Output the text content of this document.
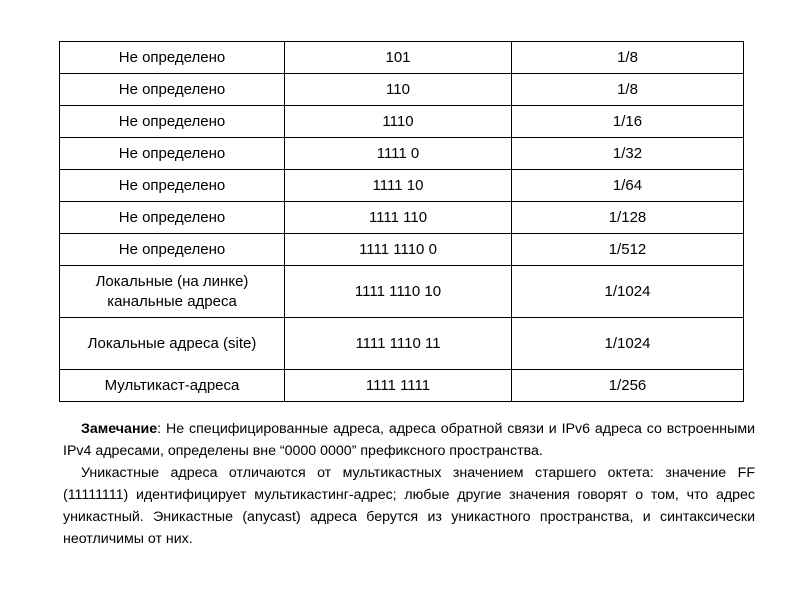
Не определено	101	1/8
Не определено	110	1/8
Не определено	1110	1/16
Не определено	1111 0	1/32
Не определено	1111 10	1/64
Не определено	1111 110	1/128
Не определено	1111 1110 0	1/512
Локальные (на линке) канальные адреса	1111 1110 10	1/1024
Локальные адреса (site)	1111 1110 11	1/1024
Мультикаст-адреса	1111 1111	1/256

Замечание: Не специфицированные адреса, адреса обратной связи и IPv6 адреса со встроенными IPv4 адресами, определены вне “0000 0000” префиксного пространства.

Уникастные адреса отличаются от мультикастных значением старшего октета: значение FF (11111111) идентифицирует мультикастинг-адрес; любые другие значения говорят о том, что адрес уникастный. Эникастные (anycast) адреса берутся из уникастного пространства, и синтаксически неотличимы от них.
